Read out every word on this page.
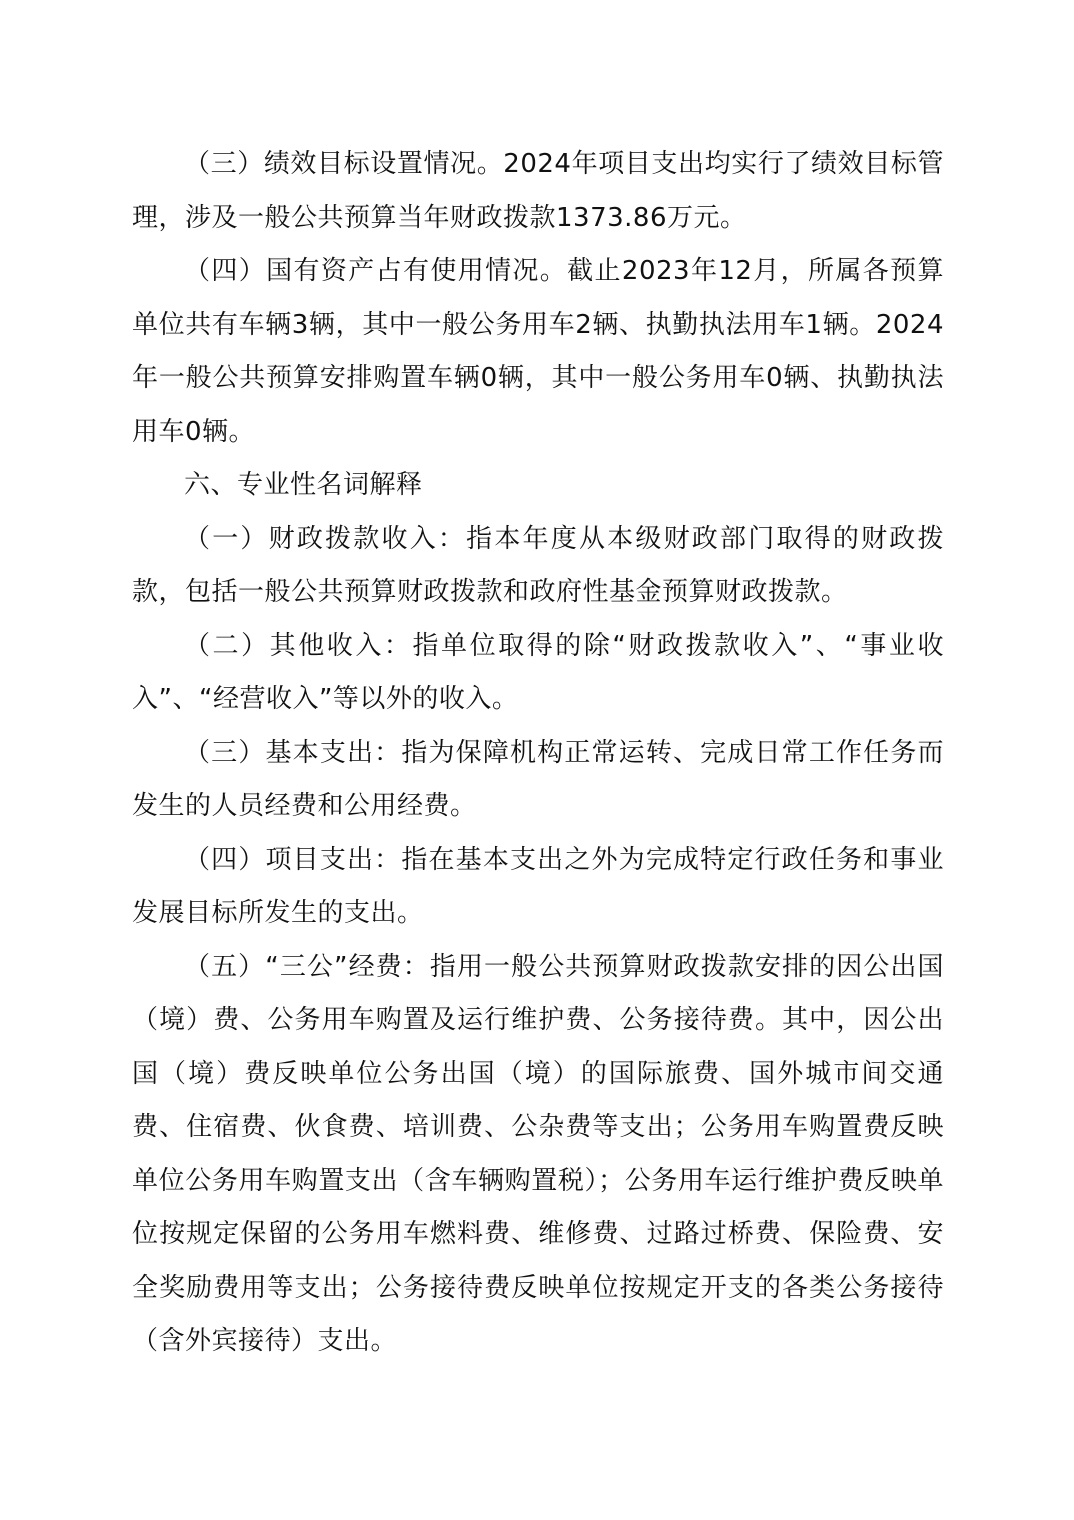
（三）绩效目标设置情况。2024年项目支出均实行了绩效目标管理，涉及一般公共预算当年财政拨款1373.86万元。

（四）国有资产占有使用情况。截止2023年12月，所属各预算单位共有车辆3辆，其中一般公务用车2辆、执勤执法用车1辆。2024年一般公共预算安排购置车辆0辆，其中一般公务用车0辆、执勤执法用车0辆。

六、专业性名词解释

（一）财政拨款收入：指本年度从本级财政部门取得的财政拨款，包括一般公共预算财政拨款和政府性基金预算财政拨款。

（二）其他收入：指单位取得的除“财政拨款收入”、“事业收入”、“经营收入”等以外的收入。

（三）基本支出：指为保障机构正常运转、完成日常工作任务而发生的人员经费和公用经费。

（四）项目支出：指在基本支出之外为完成特定行政任务和事业发展目标所发生的支出。

（五）“三公”经费：指用一般公共预算财政拨款安排的因公出国（境）费、公务用车购置及运行维护费、公务接待费。其中，因公出国（境）费反映单位公务出国（境）的国际旅费、国外城市间交通费、住宿费、伙食费、培训费、公杂费等支出；公务用车购置费反映单位公务用车购置支出（含车辆购置税）；公务用车运行维护费反映单位按规定保留的公务用车燃料费、维修费、过路过桥费、保险费、安全奖励费用等支出；公务接待费反映单位按规定开支的各类公务接待（含外宾接待）支出。
